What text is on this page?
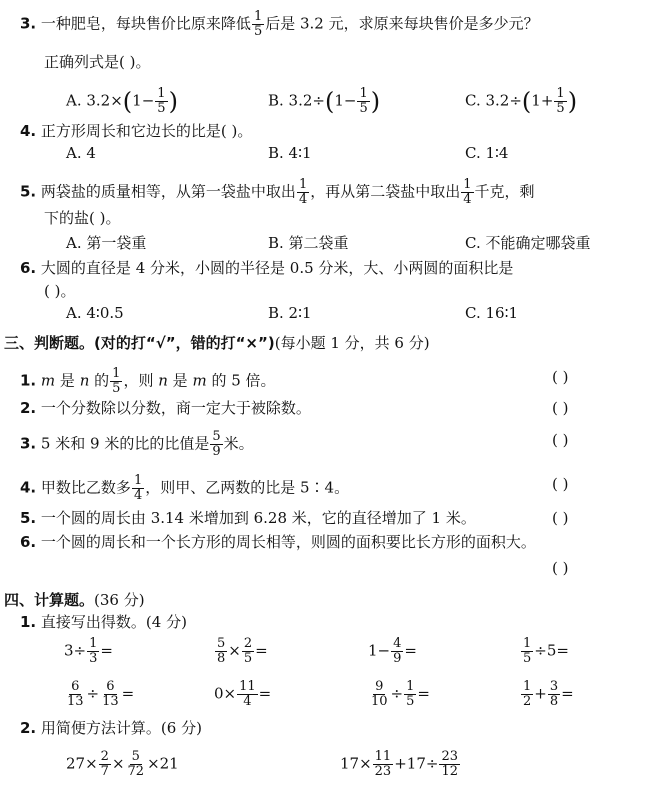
3. 一种肥皂，每块售价比原来降低 $\frac{1}{5}$ 后是 3.2 元，求原来每块售价是多少元？
正确列式是( )。
A. $3.2\times(1- \frac{1}{5}$ )	B. $3.2\div(1- \frac{1}{5}$ )	C. $3.2\div(1+ \frac{1}{5}$ )
4. 正方形周长和它边长的比是( )。
A. 4	B. 4∶1	C. 1∶4
5. 两袋盐的质量相等，从第一袋盐中取出 $\frac{1}{4}$ ，再从第二袋盐中取出 $\frac{1}{4}$ 千克，剩
下的盐( )。
A. 第一袋重	B. 第二袋重	C. 不能确定哪袋重
6. 大圆的直径是 4 分米，小圆的半径是 0.5 分米，大、小两圆的面积比是
( )。
A. 4∶0.5	B. 2∶1	C. 16∶1
三、判断题。(对的打“√”，错的打“×”)(每小题 1 分，共 6 分)
1. m 是 n 的 $\frac{1}{5}$ ，则 n 是 m 的 5 倍。	( )
2. 一个分数除以分数，商一定大于被除数。	( )
3. 5 米和 9 米的比的比值是 $\frac{5}{9}$ 米。	( )
4. 甲数比乙数多 $\frac{1}{4}$ ，则甲、乙两数的比是 5∶4。	( )
5. 一个圆的周长由 3.14 米增加到 6.28 米，它的直径增加了 1 米。	( )
6. 一个圆的周长和一个长方形的周长相等，则圆的面积要比长方形的面积大。
( )
四、计算题。(36 分)
1. 直接写出得数。(4 分)
$3\div \frac{1}{3}$ =	$\frac{5}{8} \times \frac{2}{5}$ =	$1- \frac{4}{9}$ =	$\frac{1}{5} \div 5=$
$\frac{6}{13} \div \frac{6}{13}$ =	$0\times \frac{11}{4}$ =	$\frac{9}{10} \div \frac{1}{5}$ =	$\frac{1}{2} + \frac{3}{8}$ =
2. 用简便方法计算。(6 分)
$27\times \frac{2}{7} \times \frac{5}{72} \times 21$	$17\times \frac{11}{23} +17\div \frac{23}{12}$
